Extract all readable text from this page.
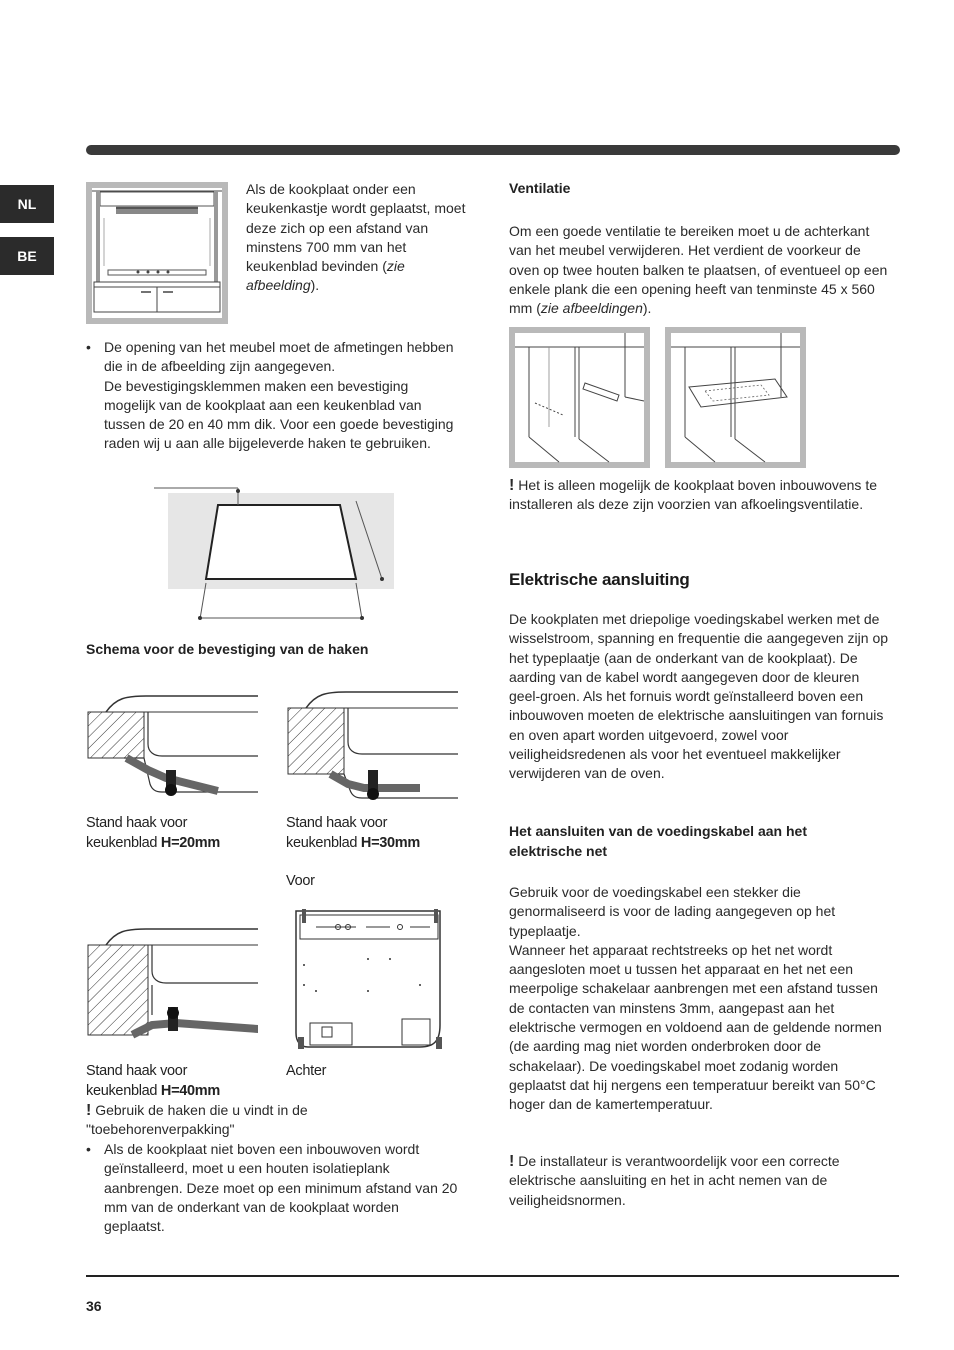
NL
BE
Als de kookplaat onder een keukenkastje wordt geplaatst, moet deze zich op een afstand van minstens 700 mm van het keukenblad bevinden (zie afbeelding).
• De opening van het meubel moet de afmetingen hebben die in de afbeelding zijn aangegeven.
De bevestigingsklemmen maken een bevestiging mogelijk van de kookplaat aan een keukenblad van tussen de 20 en 40 mm dik. Voor een goede bevestiging raden wij u aan alle bijgeleverde haken te gebruiken.
Schema voor de bevestiging van de haken
Stand haak voor
keukenblad H=20mm
Stand haak voor
keukenblad H=30mm
Voor
Stand haak voor
keukenblad H=40mm
Achter
! Gebruik de haken die u vindt in de "toebehorenverpakking"
• Als de kookplaat niet boven een inbouwoven wordt geïnstalleerd, moet u een houten isolatieplank aanbrengen. Deze moet op een minimum afstand van 20 mm van de onderkant van de kookplaat worden geplaatst.
Ventilatie
Om een goede ventilatie te bereiken moet u de achterkant van het meubel verwijderen. Het verdient de voorkeur de oven op twee houten balken te plaatsen, of eventueel op een enkele plank die een opening heeft van tenminste 45 x 560 mm (zie afbeeldingen).
! Het is alleen mogelijk de kookplaat boven inbouwovens te installeren als deze zijn voorzien van afkoelingsventilatie.
Elektrische aansluiting
De kookplaten met driepolige voedingskabel werken met de wisselstroom, spanning en frequentie die aangegeven zijn op het typeplaatje (aan de onderkant van de kookplaat). De aarding van de kabel wordt aangegeven door de kleuren geel-groen. Als het fornuis wordt geïnstalleerd boven een inbouwoven moeten de elektrische aansluitingen van fornuis en oven apart worden uitgevoerd, zowel voor veiligheidsredenen als voor het eventueel makkelijker verwijderen van de oven.
Het aansluiten van de voedingskabel aan het elektrische net

Gebruik voor de voedingskabel een stekker die genormaliseerd is voor de lading aangegeven op het typeplaatje.

Wanneer het apparaat rechtstreeks op het net wordt aangesloten moet u tussen het apparaat en het net een meerpolige schakelaar aanbrengen met een afstand tussen de contacten van minstens 3mm, aangepast aan het elektrische vermogen en voldoend aan de geldende normen (de aarding mag niet worden onderbroken door de schakelaar). De voedingskabel moet zodanig worden geplaatst dat hij nergens een temperatuur bereikt van 50°C hoger dan de kamertemperatuur.

! De installateur is verantwoordelijk voor een correcte elektrische aansluiting en het in acht nemen van de veiligheidsnormen.
36
